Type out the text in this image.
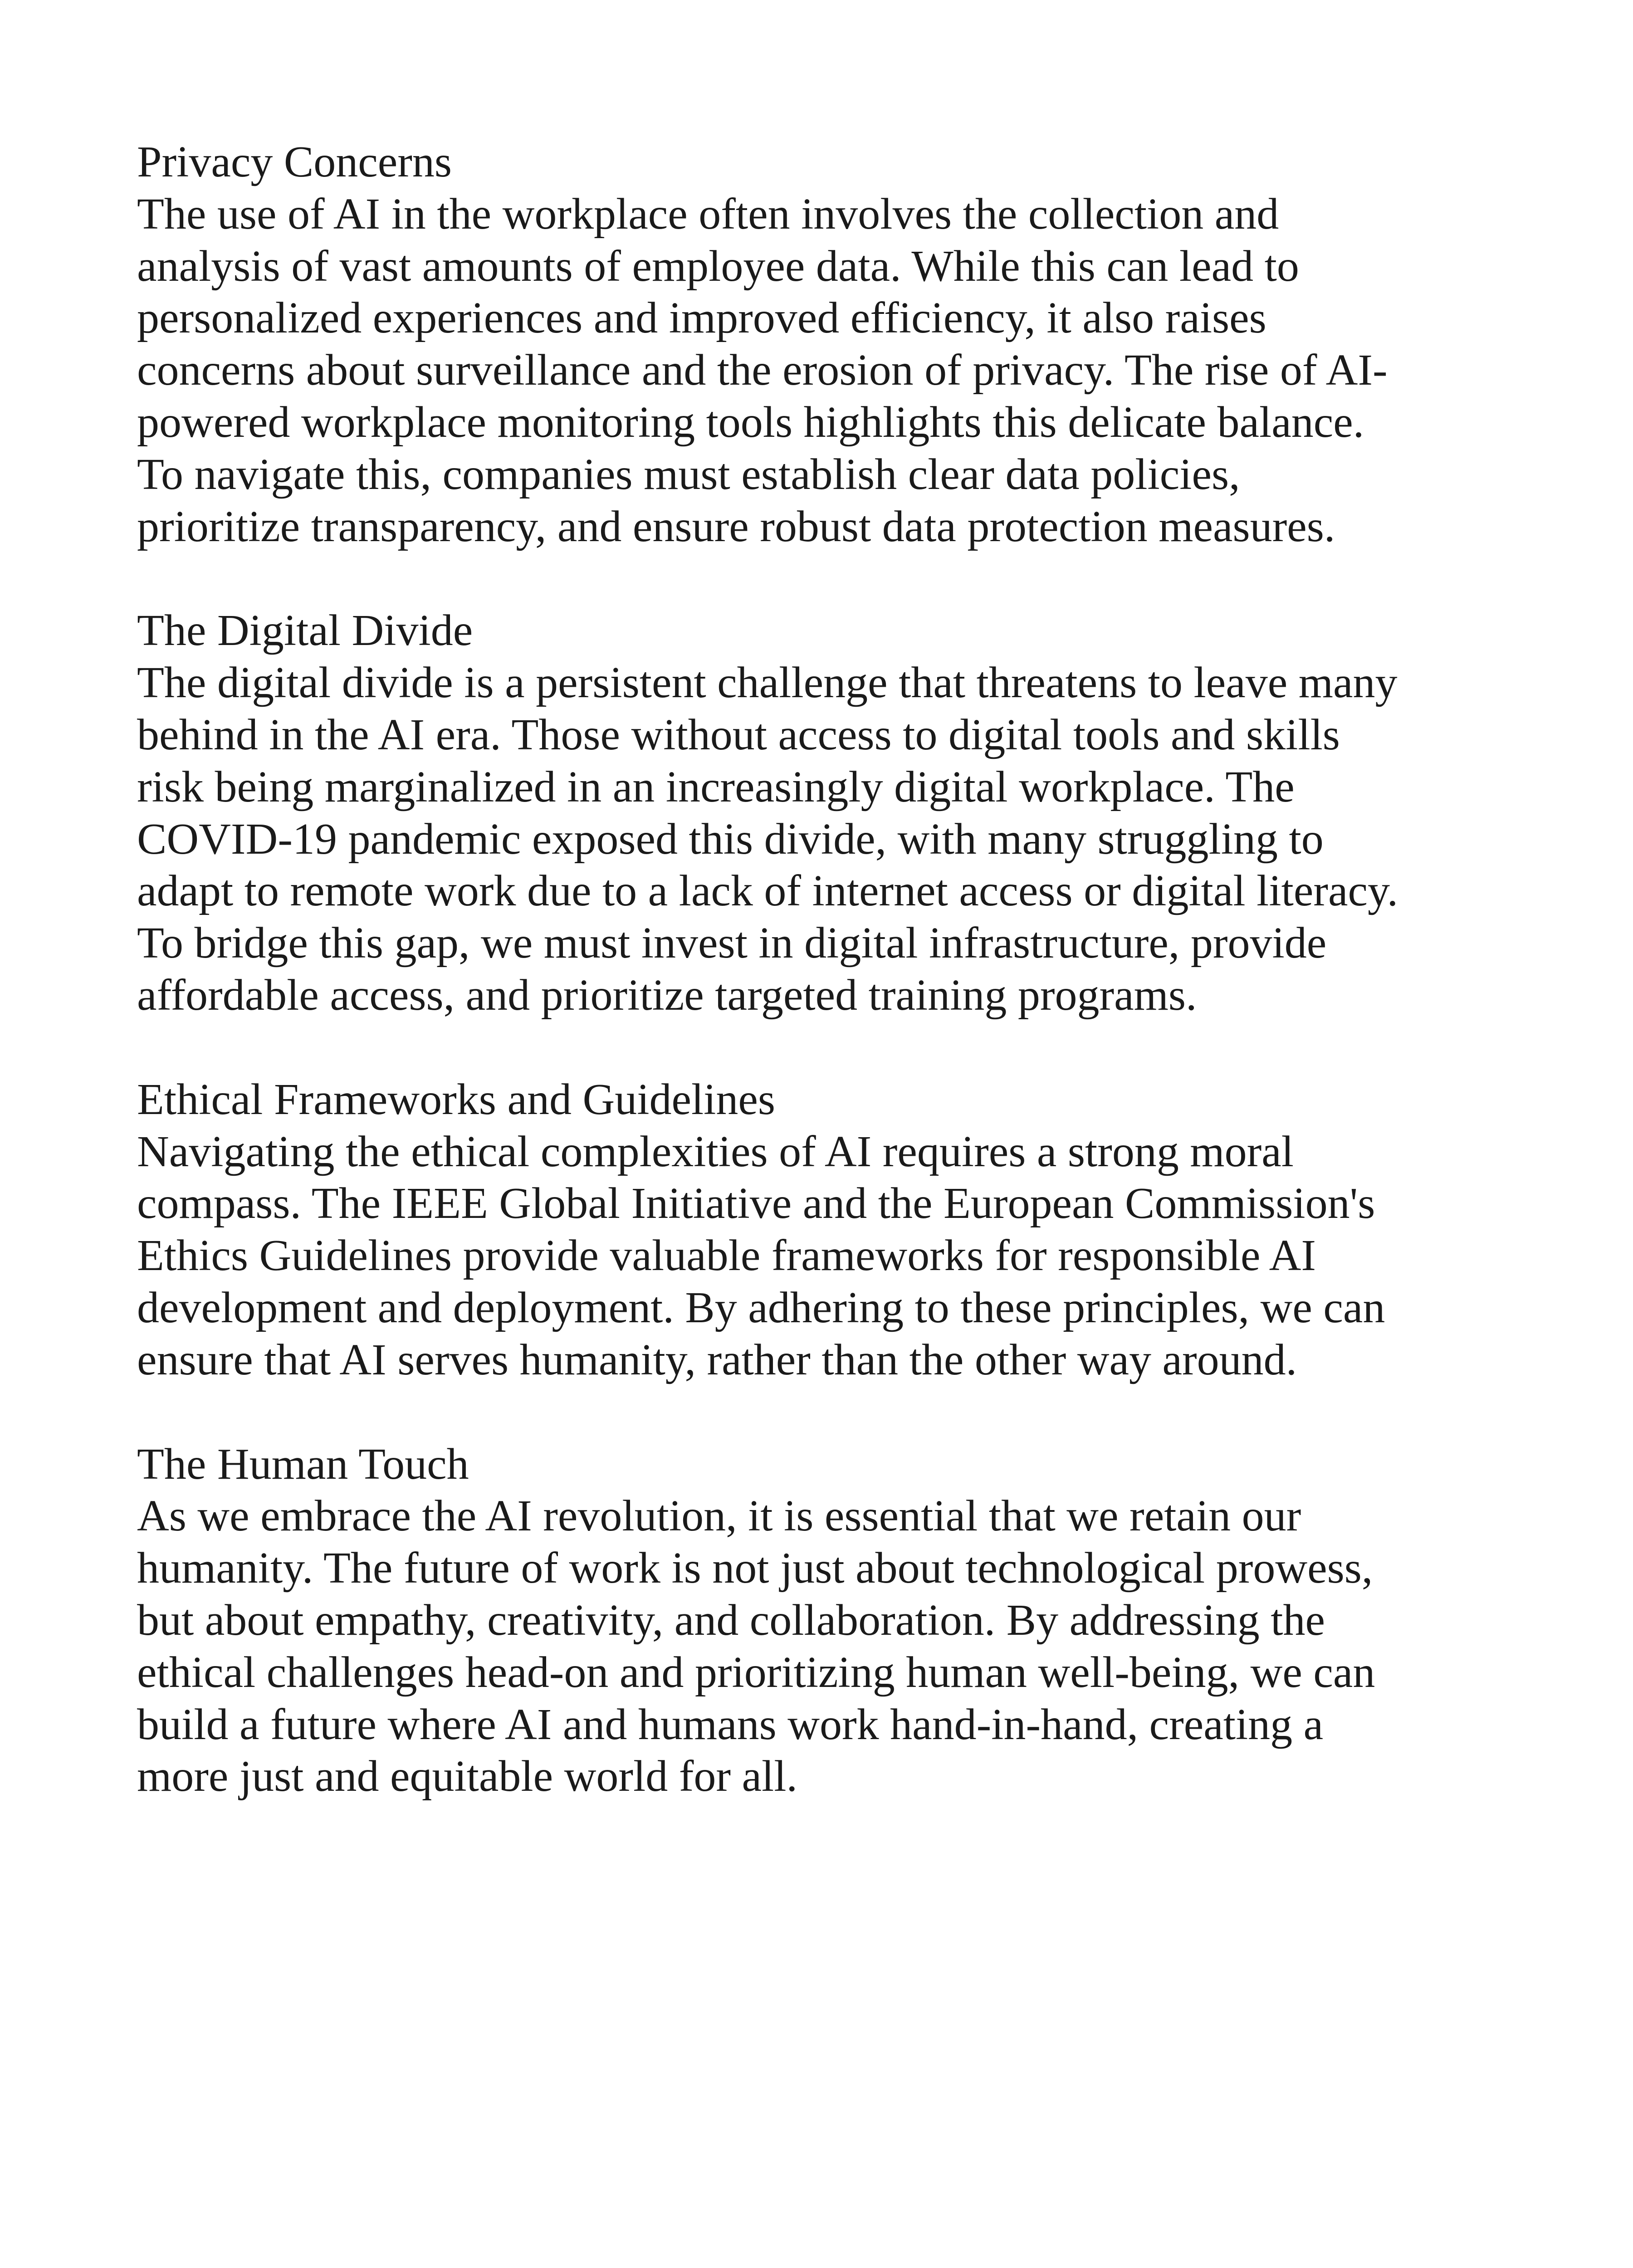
Privacy Concerns
The use of AI in the workplace often involves the collection and
analysis of vast amounts of employee data. While this can lead to
personalized experiences and improved efficiency, it also raises
concerns about surveillance and the erosion of privacy. The rise of AI-
powered workplace monitoring tools highlights this delicate balance.
To navigate this, companies must establish clear data policies,
prioritize transparency, and ensure robust data protection measures.
The Digital Divide
The digital divide is a persistent challenge that threatens to leave many
behind in the AI era. Those without access to digital tools and skills
risk being marginalized in an increasingly digital workplace. The
COVID-19 pandemic exposed this divide, with many struggling to
adapt to remote work due to a lack of internet access or digital literacy.
To bridge this gap, we must invest in digital infrastructure, provide
affordable access, and prioritize targeted training programs.
Ethical Frameworks and Guidelines
Navigating the ethical complexities of AI requires a strong moral
compass. The IEEE Global Initiative and the European Commission's
Ethics Guidelines provide valuable frameworks for responsible AI
development and deployment. By adhering to these principles, we can
ensure that AI serves humanity, rather than the other way around.
The Human Touch
As we embrace the AI revolution, it is essential that we retain our
humanity. The future of work is not just about technological prowess,
but about empathy, creativity, and collaboration. By addressing the
ethical challenges head-on and prioritizing human well-being, we can
build a future where AI and humans work hand-in-hand, creating a
more just and equitable world for all.
